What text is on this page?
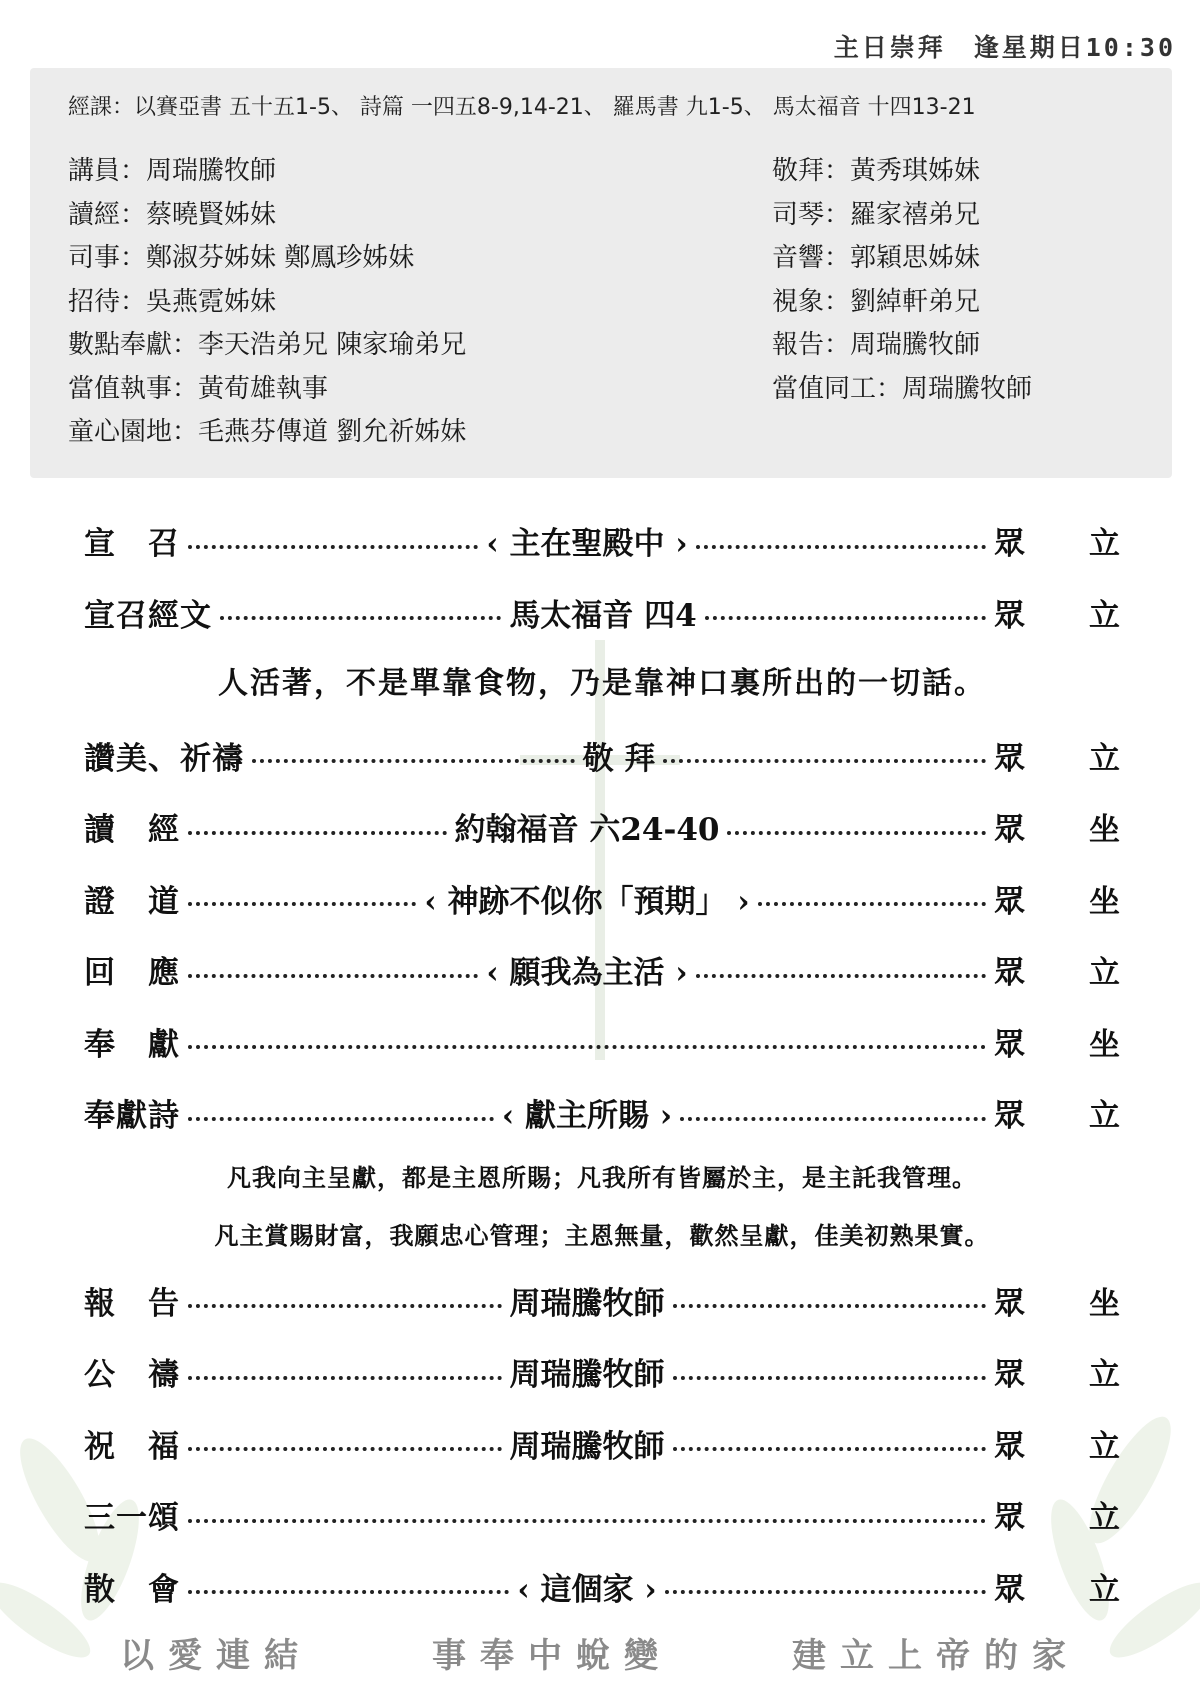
主日崇拜 逢星期日10:30
經課：以賽亞書 五十五1-5、 詩篇 一四五8-9,14-21、 羅馬書 九1-5、 馬太福音 十四13-21
講員：周瑞騰牧師
讀經：蔡曉賢姊妹
司事：鄭淑芬姊妹 鄭鳳珍姊妹
招待：吳燕霓姊妹
數點奉獻：李天浩弟兄 陳家瑜弟兄
當值執事：黃荀雄執事
童心園地：毛燕芬傳道 劉允祈姊妹
敬拜：黃秀琪姊妹
司琴：羅家禧弟兄
音響：郭穎思姊妹
視象：劉綽軒弟兄
報告：周瑞騰牧師
當值同工：周瑞騰牧師
宣　召	‹ 主在聖殿中 ›	眾 立
宣召經文	馬太福音 四4	眾 立
人活著，不是單靠食物，乃是靠神口裏所出的一切話。
讚美、祈禱	敬 拜	眾 立
讀　經	約翰福音 六24-40	眾 坐
證　道	‹ 神跡不似你「預期」 ›	眾 坐
回　應	‹ 願我為主活 ›	眾 立
奉　獻	眾 坐
奉獻詩	‹ 獻主所賜 ›	眾 立
凡我向主呈獻，都是主恩所賜；凡我所有皆屬於主，是主託我管理。
凡主賞賜財富，我願忠心管理；主恩無量，歡然呈獻，佳美初熟果實。
報　告	周瑞騰牧師	眾 坐
公　禱	周瑞騰牧師	眾 立
祝　福	周瑞騰牧師	眾 立
三一頌	眾 立
散　會	‹ 這個家 ›	眾 立
以愛連結	事奉中蛻變	建立上帝的家
